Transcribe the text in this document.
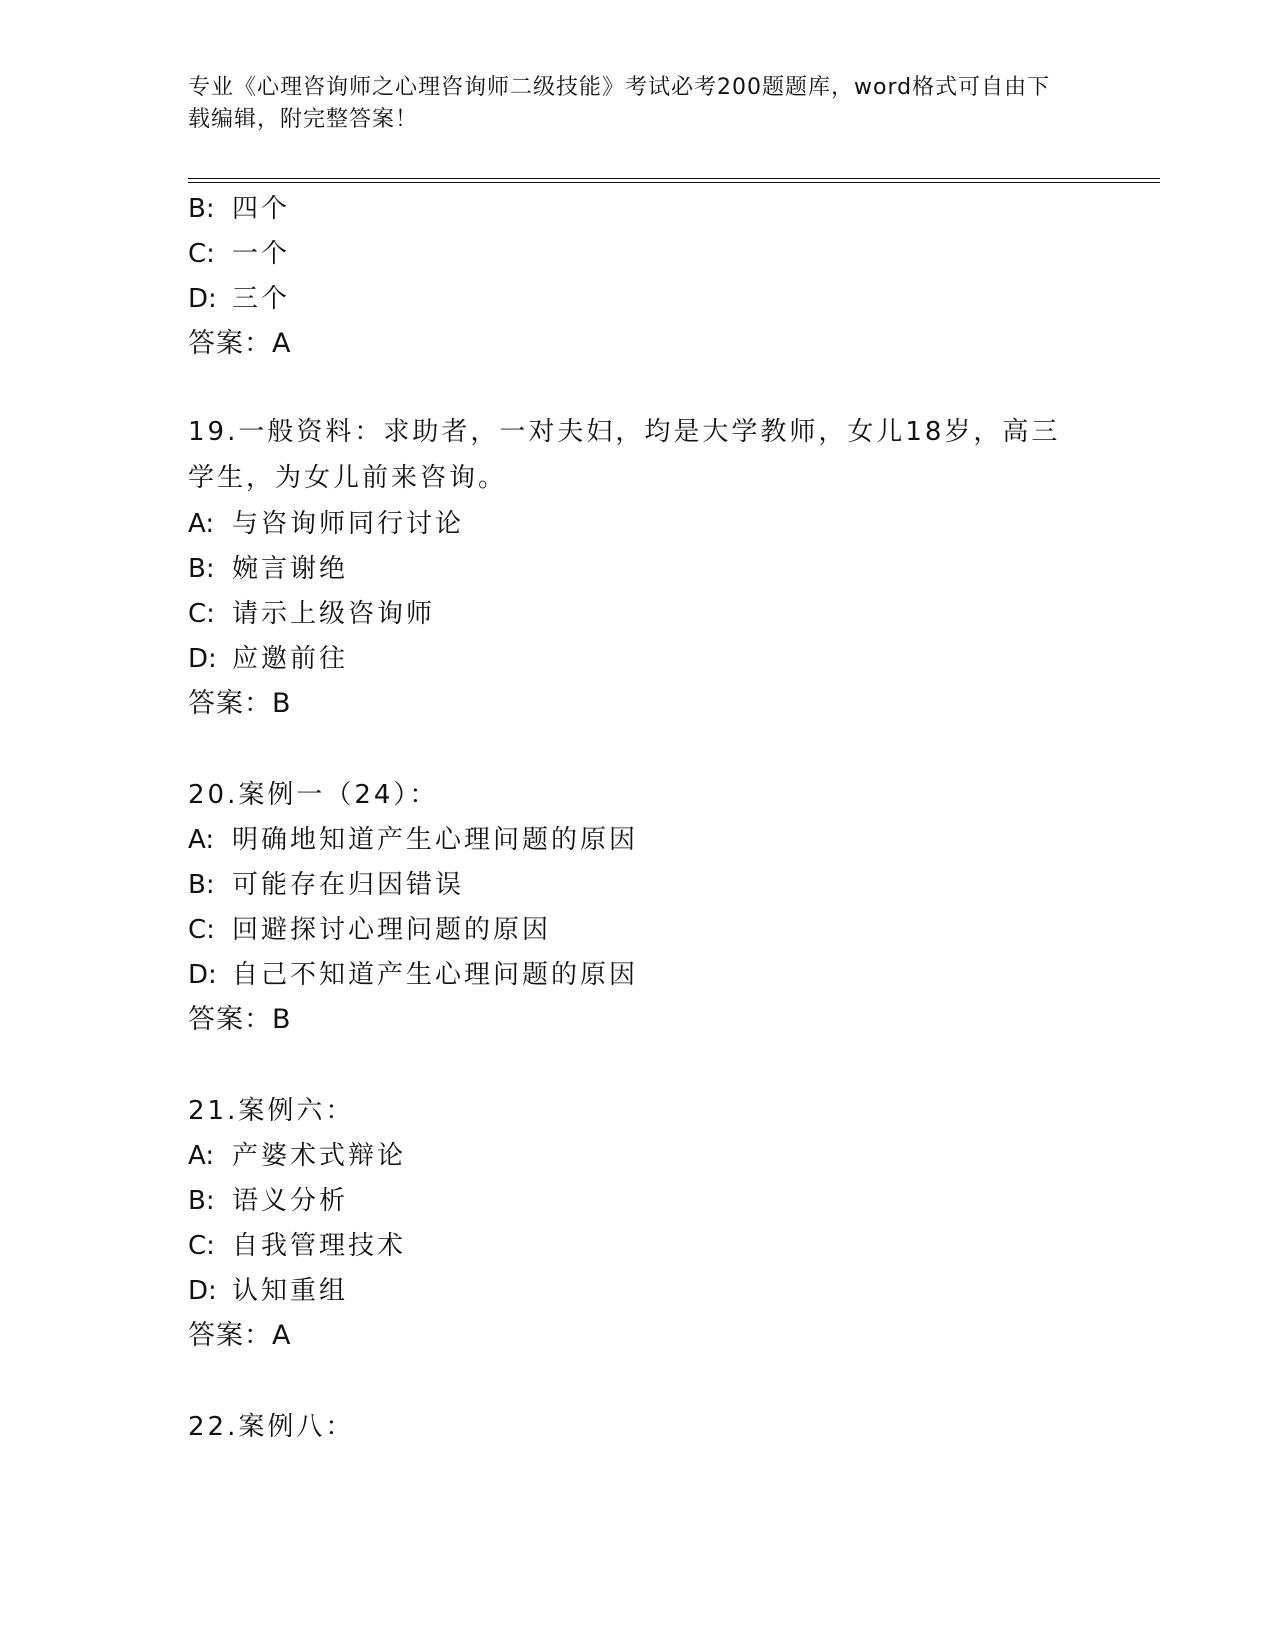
专业《心理咨询师之心理咨询师二级技能》考试必考200题题库，word格式可自由下载编辑，附完整答案！
B: 四个
C: 一个
D: 三个
答案：A
19.一般资料：求助者，一对夫妇，均是大学教师，女儿18岁，高三学生，为女儿前来咨询。
A: 与咨询师同行讨论
B: 婉言谢绝
C: 请示上级咨询师
D: 应邀前往
答案：B
20.案例一（24）：
A: 明确地知道产生心理问题的原因
B: 可能存在归因错误
C: 回避探讨心理问题的原因
D: 自己不知道产生心理问题的原因
答案：B
21.案例六：
A: 产婆术式辩论
B: 语义分析
C: 自我管理技术
D: 认知重组
答案：A
22.案例八：
